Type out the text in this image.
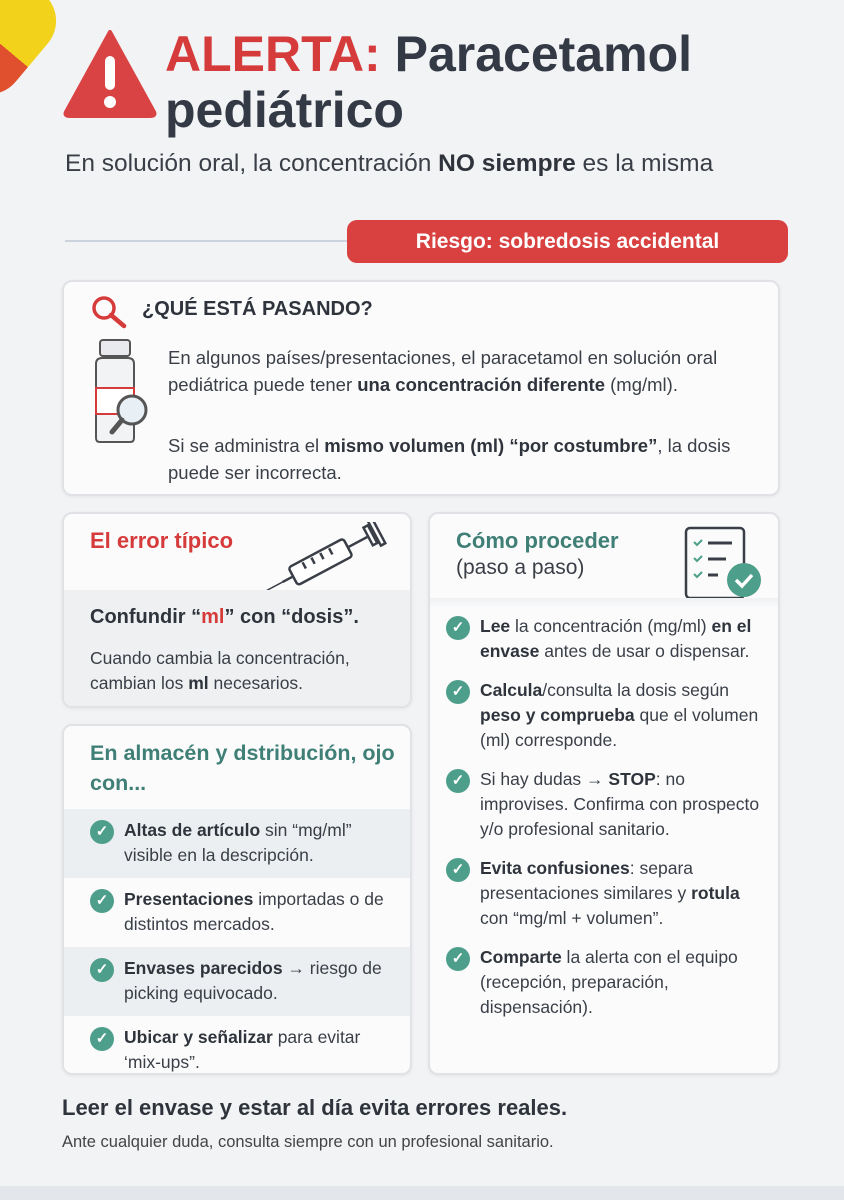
ALERTA: Paracetamol
pediátrico
En solución oral, la concentración NO siempre es la misma
Riesgo: sobredosis accidental
¿QUÉ ESTÁ PASANDO?
En algunos países/presentaciones, el paracetamol en solución oral pediátrica puede tener una concentración diferente (mg/ml).
Si se administra el mismo volumen (ml) “por costumbre”, la dosis puede ser incorrecta.
El error típico
Confundir “ml” con “dosis”.
Cuando cambia la concentración, cambian los ml necesarios.
En almacén y dstribución, ojo con...
✓ Altas de artículo sin “mg/ml” visible en la descripción.
✓ Presentaciones importadas o de distintos mercados.
✓ Envases parecidos → riesgo de picking equivocado.
✓ Ubicar y señalizar para evitar ‘mix-ups”.
Cómo proceder
(paso a paso)
✓ Lee la concentración (mg/ml) en el envase antes de usar o dispensar.
✓ Calcula/consulta la dosis según peso y comprueba que el volumen (ml) corresponde.
✓ Si hay dudas → STOP: no improvises. Confirma con prospecto y/o profesional sanitario.
✓ Evita confusiones: separa presentaciones similares y rotula con “mg/ml + volumen”.
✓ Comparte la alerta con el equipo (recepción, preparación, dispensación).
Leer el envase y estar al día evita errores reales.
Ante cualquier duda, consulta siempre con un profesional sanitario.
